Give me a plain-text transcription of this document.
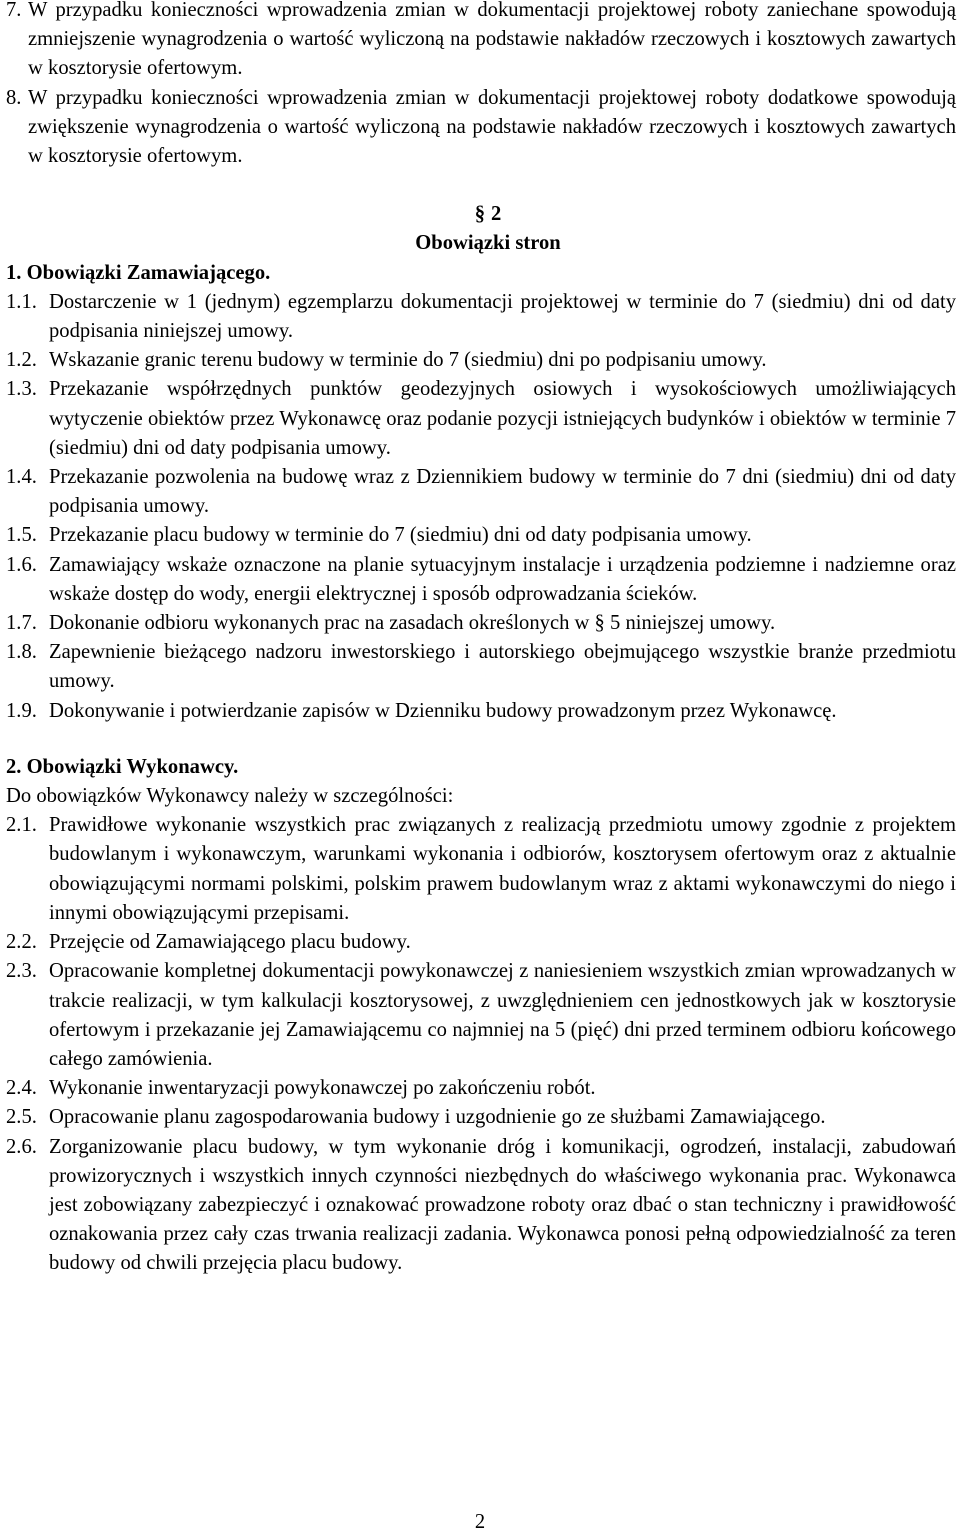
7. W przypadku konieczności wprowadzenia zmian w dokumentacji projektowej roboty zaniechane spowodują zmniejszenie wynagrodzenia o wartość wyliczoną na podstawie nakładów rzeczowych i kosztowych zawartych w kosztorysie ofertowym.
8. W przypadku konieczności wprowadzenia zmian w dokumentacji projektowej roboty dodatkowe spowodują zwiększenie wynagrodzenia o wartość wyliczoną na podstawie nakładów rzeczowych i kosztowych zawartych w kosztorysie ofertowym.
§ 2
Obowiązki stron
1. Obowiązki Zamawiającego.
1.1. Dostarczenie w 1 (jednym) egzemplarzu dokumentacji projektowej w terminie do 7 (siedmiu) dni od daty podpisania niniejszej umowy.
1.2. Wskazanie granic terenu budowy w terminie do 7 (siedmiu) dni po podpisaniu umowy.
1.3. Przekazanie współrzędnych punktów geodezyjnych osiowych i wysokościowych umożliwiających wytyczenie obiektów przez Wykonawcę oraz podanie pozycji istniejących budynków i obiektów w terminie 7 (siedmiu) dni od daty podpisania umowy.
1.4. Przekazanie pozwolenia na budowę wraz z Dziennikiem budowy w terminie do 7 dni (siedmiu) dni od daty podpisania umowy.
1.5. Przekazanie placu budowy w terminie do 7 (siedmiu) dni od daty podpisania umowy.
1.6. Zamawiający wskaże oznaczone na planie sytuacyjnym instalacje i urządzenia podziemne i nadziemne oraz wskaże dostęp do wody, energii elektrycznej i sposób odprowadzania ścieków.
1.7. Dokonanie odbioru wykonanych prac na zasadach określonych w § 5 niniejszej umowy.
1.8. Zapewnienie bieżącego nadzoru inwestorskiego i autorskiego obejmującego wszystkie branże przedmiotu umowy.
1.9. Dokonywanie i potwierdzanie zapisów w Dzienniku budowy prowadzonym przez Wykonawcę.
2. Obowiązki Wykonawcy.
Do obowiązków Wykonawcy należy w szczególności:
2.1. Prawidłowe wykonanie wszystkich prac związanych z realizacją przedmiotu umowy zgodnie z projektem budowlanym i wykonawczym, warunkami wykonania i odbiorów, kosztorysem ofertowym oraz z aktualnie obowiązującymi normami polskimi, polskim prawem budowlanym wraz z aktami wykonawczymi do niego i innymi obowiązującymi przepisami.
2.2. Przejęcie od Zamawiającego placu budowy.
2.3. Opracowanie kompletnej dokumentacji powykonawczej z naniesieniem wszystkich zmian wprowadzanych w trakcie realizacji, w tym kalkulacji kosztorysowej, z uwzględnieniem cen jednostkowych jak w kosztorysie ofertowym i przekazanie jej Zamawiającemu co najmniej na 5 (pięć) dni przed terminem odbioru końcowego całego zamówienia.
2.4. Wykonanie inwentaryzacji powykonawczej po zakończeniu robót.
2.5. Opracowanie planu zagospodarowania budowy i uzgodnienie go ze służbami Zamawiającego.
2.6. Zorganizowanie placu budowy, w tym wykonanie dróg i komunikacji, ogrodzeń, instalacji, zabudowań prowizorycznych i wszystkich innych czynności niezbędnych do właściwego wykonania prac. Wykonawca jest zobowiązany zabezpieczyć i oznakować prowadzone roboty oraz dbać o stan techniczny i prawidłowość oznakowania przez cały czas trwania realizacji zadania. Wykonawca ponosi pełną odpowiedzialność za teren budowy od chwili przejęcia placu budowy.
2
